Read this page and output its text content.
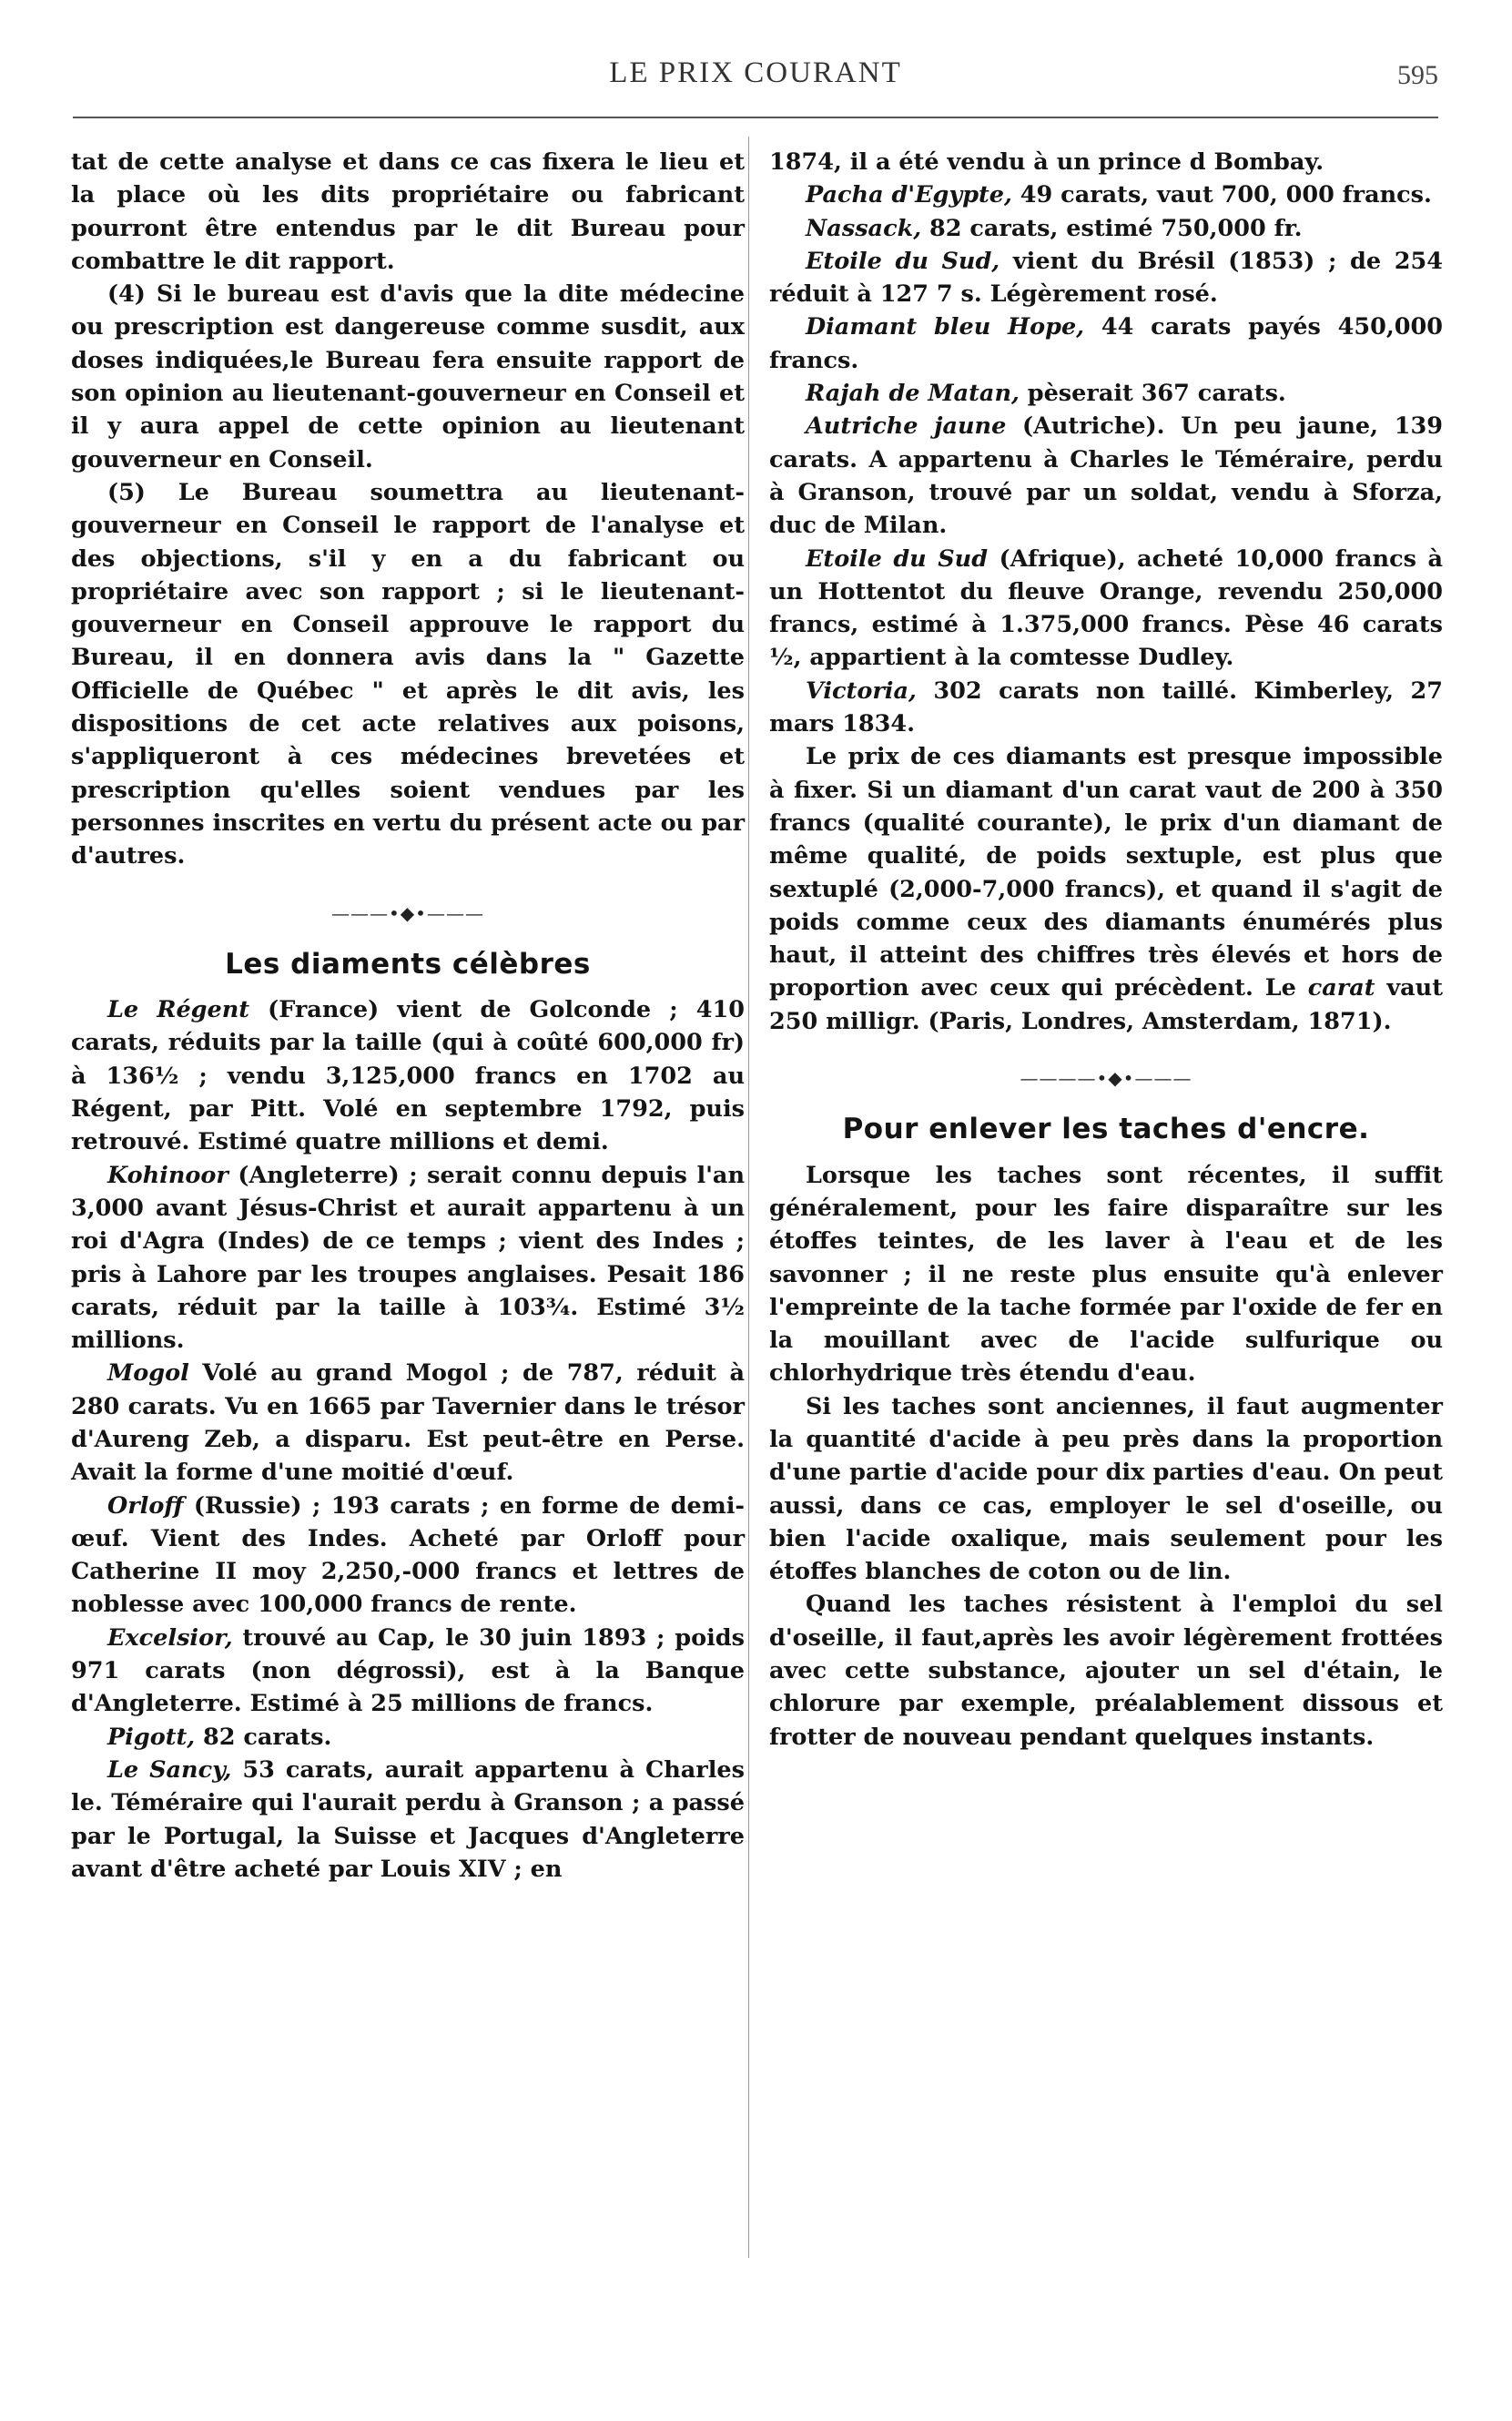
LE PRIX COURANT	595

tat de cette analyse et dans ce cas fixera le lieu et la place où les dits propriétaire ou fabricant pourront être entendus par le dit Bureau pour combattre le dit rapport.

(4) Si le bureau est d'avis que la dite médecine ou prescription est dangereuse comme susdit, aux doses indiquées,le Bureau fera ensuite rapport de son opinion au lieutenant-gouverneur en Conseil et il y aura appel de cette opinion au lieutenant gouverneur en Conseil.

(5) Le Bureau soumettra au lieutenant-gouverneur en Conseil le rapport de l'analyse et des objections, s'il y en a du fabricant ou propriétaire avec son rapport ; si le lieutenant-gouverneur en Conseil approuve le rapport du Bureau, il en donnera avis dans la " Gazette Officielle de Québec " et après le dit avis, les dispositions de cet acte relatives aux poisons, s'appliqueront à ces médecines brevetées et prescription qu'elles soient vendues par les personnes inscrites en vertu du présent acte ou par d'autres.

———•◆•———
Les diaments célèbres

Le Régent (France) vient de Golconde ; 410 carats, réduits par la taille (qui à coûté 600,000 fr) à 136½ ; vendu 3,125,000 francs en 1702 au Régent, par Pitt. Volé en septembre 1792, puis retrouvé. Estimé quatre millions et demi.

Kohinoor (Angleterre) ; serait connu depuis l'an 3,000 avant Jésus-Christ et aurait appartenu à un roi d'Agra (Indes) de ce temps ; vient des Indes ; pris à Lahore par les troupes anglaises. Pesait 186 carats, réduit par la taille à 103¾. Estimé 3½ millions.

Mogol Volé au grand Mogol ; de 787, réduit à 280 carats. Vu en 1665 par Tavernier dans le trésor d'Aureng Zeb, a disparu. Est peut-être en Perse. Avait la forme d'une moitié d'œuf.

Orloff (Russie) ; 193 carats ; en forme de demi-œuf. Vient des Indes. Acheté par Orloff pour Catherine II moy 2,250,-000 francs et lettres de noblesse avec 100,000 francs de rente.

Excelsior, trouvé au Cap, le 30 juin 1893 ; poids 971 carats (non dégrossi), est à la Banque d'Angleterre. Estimé à 25 millions de francs.

Pigott, 82 carats.

Le Sancy, 53 carats, aurait appartenu à Charles le. Téméraire qui l'aurait perdu à Granson ; a passé par le Portugal, la Suisse et Jacques d'Angleterre avant d'être acheté par Louis XIV ; en

1874, il a été vendu à un prince d Bombay.

Pacha d'Egypte, 49 carats, vaut 700, 000 francs.

Nassack, 82 carats, estimé 750,000 fr.

Etoile du Sud, vient du Brésil (1853) ; de 254 réduit à 127 7 s. Légèrement rosé.

Diamant bleu Hope, 44 carats payés 450,000 francs.

Rajah de Matan, pèserait 367 carats.

Autriche jaune (Autriche). Un peu jaune, 139 carats. A appartenu à Charles le Téméraire, perdu à Granson, trouvé par un soldat, vendu à Sforza, duc de Milan.

Etoile du Sud (Afrique), acheté 10,000 francs à un Hottentot du fleuve Orange, revendu 250,000 francs, estimé à 1.375,000 francs. Pèse 46 carats ½, appartient à la comtesse Dudley.

Victoria, 302 carats non taillé. Kimberley, 27 mars 1834.

Le prix de ces diamants est presque impossible à fixer. Si un diamant d'un carat vaut de 200 à 350 francs (qualité courante), le prix d'un diamant de même qualité, de poids sextuple, est plus que sextuplé (2,000-7,000 francs), et quand il s'agit de poids comme ceux des diamants énumérés plus haut, il atteint des chiffres très élevés et hors de proportion avec ceux qui précèdent. Le carat vaut 250 milligr. (Paris, Londres, Amsterdam, 1871).

————•◆•———
Pour enlever les taches d'encre.

Lorsque les taches sont récentes, il suffit généralement, pour les faire disparaître sur les étoffes teintes, de les laver à l'eau et de les savonner ; il ne reste plus ensuite qu'à enlever l'empreinte de la tache formée par l'oxide de fer en la mouillant avec de l'acide sulfurique ou chlorhydrique très étendu d'eau.

Si les taches sont anciennes, il faut augmenter la quantité d'acide à peu près dans la proportion d'une partie d'acide pour dix parties d'eau. On peut aussi, dans ce cas, employer le sel d'oseille, ou bien l'acide oxalique, mais seulement pour les étoffes blanches de coton ou de lin.

Quand les taches résistent à l'emploi du sel d'oseille, il faut,après les avoir légèrement frottées avec cette substance, ajouter un sel d'étain, le chlorure par exemple, préalablement dissous et frotter de nouveau pendant quelques instants.
